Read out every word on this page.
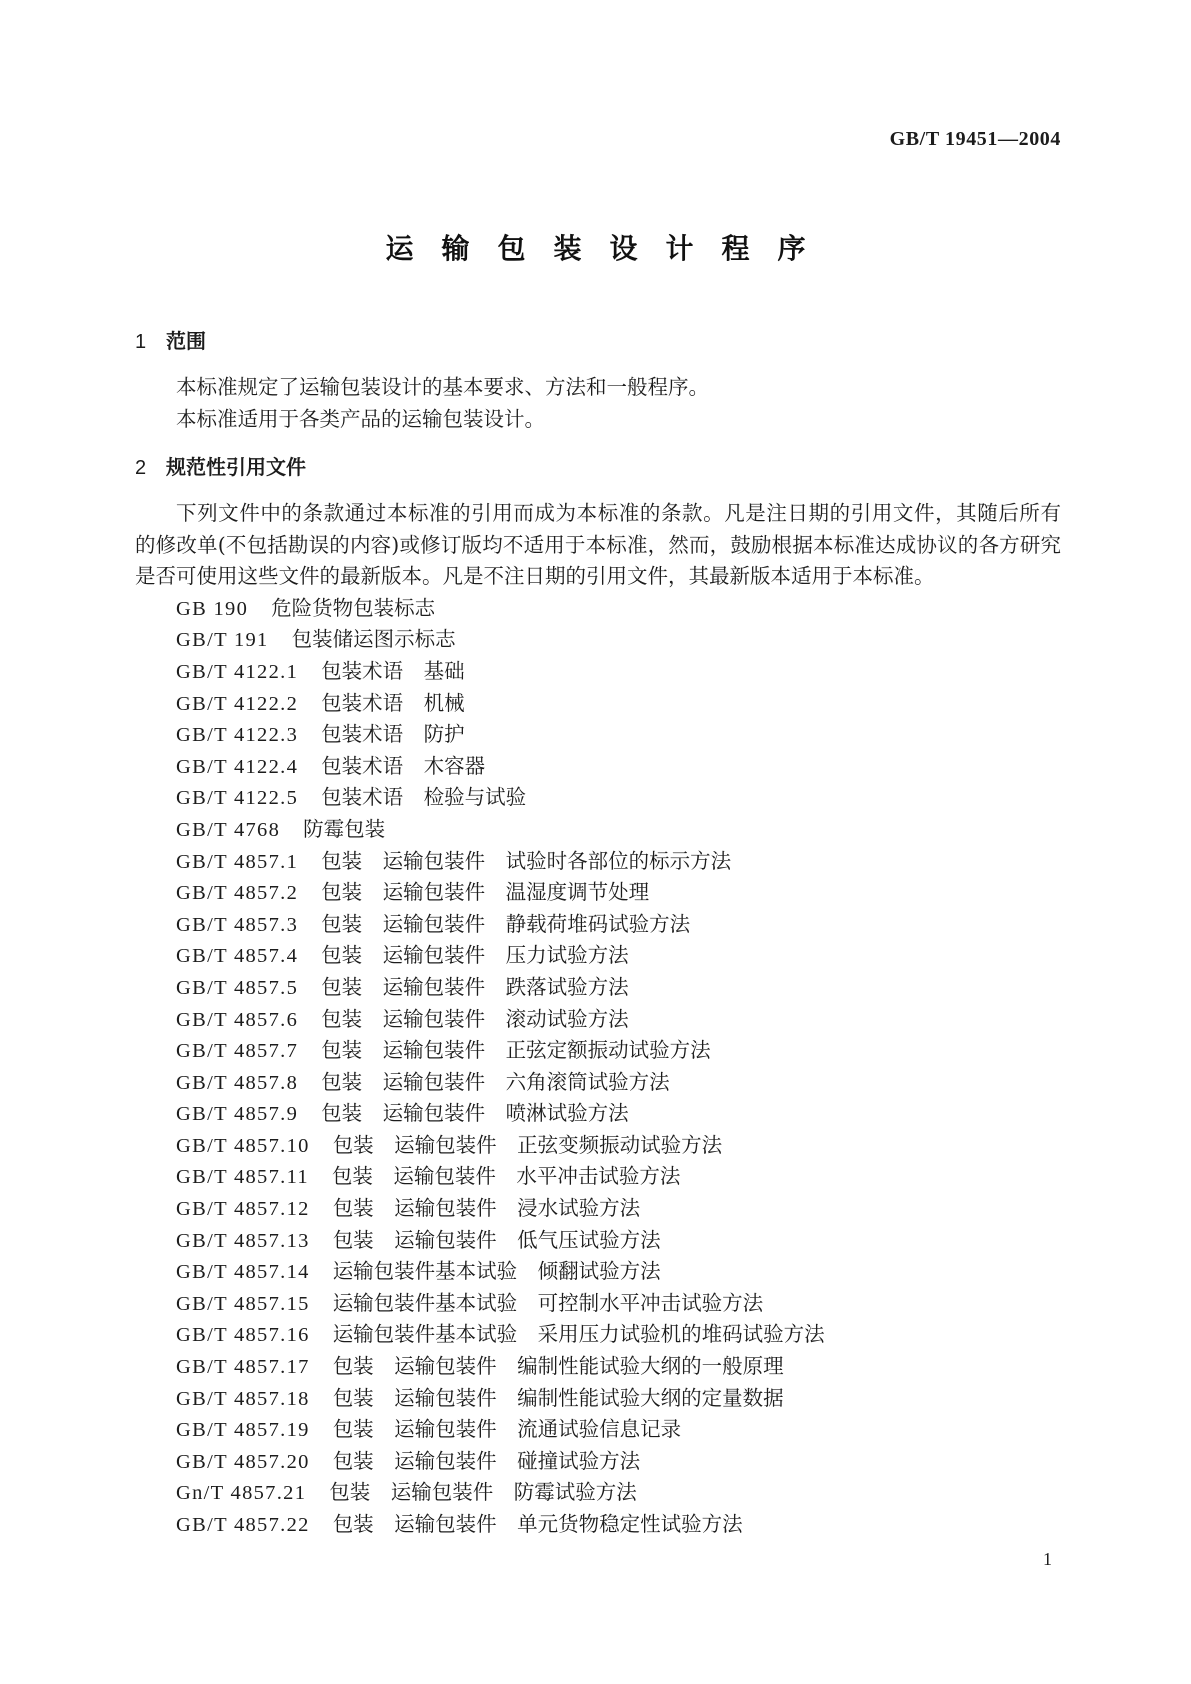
GB/T 19451—2004
运输包装设计程序
1 范围
本标准规定了运输包装设计的基本要求、方法和一般程序。
本标准适用于各类产品的运输包装设计。
2 规范性引用文件
下列文件中的条款通过本标准的引用而成为本标准的条款。凡是注日期的引用文件，其随后所有
的修改单(不包括勘误的内容)或修订版均不适用于本标准，然而，鼓励根据本标准达成协议的各方研究
是否可使用这些文件的最新版本。凡是不注日期的引用文件，其最新版本适用于本标准。
GB 190 危险货物包装标志
GB/T 191 包装储运图示标志
GB/T 4122.1 包装术语　基础
GB/T 4122.2 包装术语　机械
GB/T 4122.3 包装术语　防护
GB/T 4122.4 包装术语　木容器
GB/T 4122.5 包装术语　检验与试验
GB/T 4768 防霉包装
GB/T 4857.1 包装　运输包装件　试验时各部位的标示方法
GB/T 4857.2 包装　运输包装件　温湿度调节处理
GB/T 4857.3 包装　运输包装件　静载荷堆码试验方法
GB/T 4857.4 包装　运输包装件　压力试验方法
GB/T 4857.5 包装　运输包装件　跌落试验方法
GB/T 4857.6 包装　运输包装件　滚动试验方法
GB/T 4857.7 包装　运输包装件　正弦定额振动试验方法
GB/T 4857.8 包装　运输包装件　六角滚筒试验方法
GB/T 4857.9 包装　运输包装件　喷淋试验方法
GB/T 4857.10 包装　运输包装件　正弦变频振动试验方法
GB/T 4857.11 包装　运输包装件　水平冲击试验方法
GB/T 4857.12 包装　运输包装件　浸水试验方法
GB/T 4857.13 包装　运输包装件　低气压试验方法
GB/T 4857.14 运输包装件基本试验　倾翻试验方法
GB/T 4857.15 运输包装件基本试验　可控制水平冲击试验方法
GB/T 4857.16 运输包装件基本试验　采用压力试验机的堆码试验方法
GB/T 4857.17 包装　运输包装件　编制性能试验大纲的一般原理
GB/T 4857.18 包装　运输包装件　编制性能试验大纲的定量数据
GB/T 4857.19 包装　运输包装件　流通试验信息记录
GB/T 4857.20 包装　运输包装件　碰撞试验方法
Gn/T 4857.21 包装　运输包装件　防霉试验方法
GB/T 4857.22 包装　运输包装件　单元货物稳定性试验方法
1
